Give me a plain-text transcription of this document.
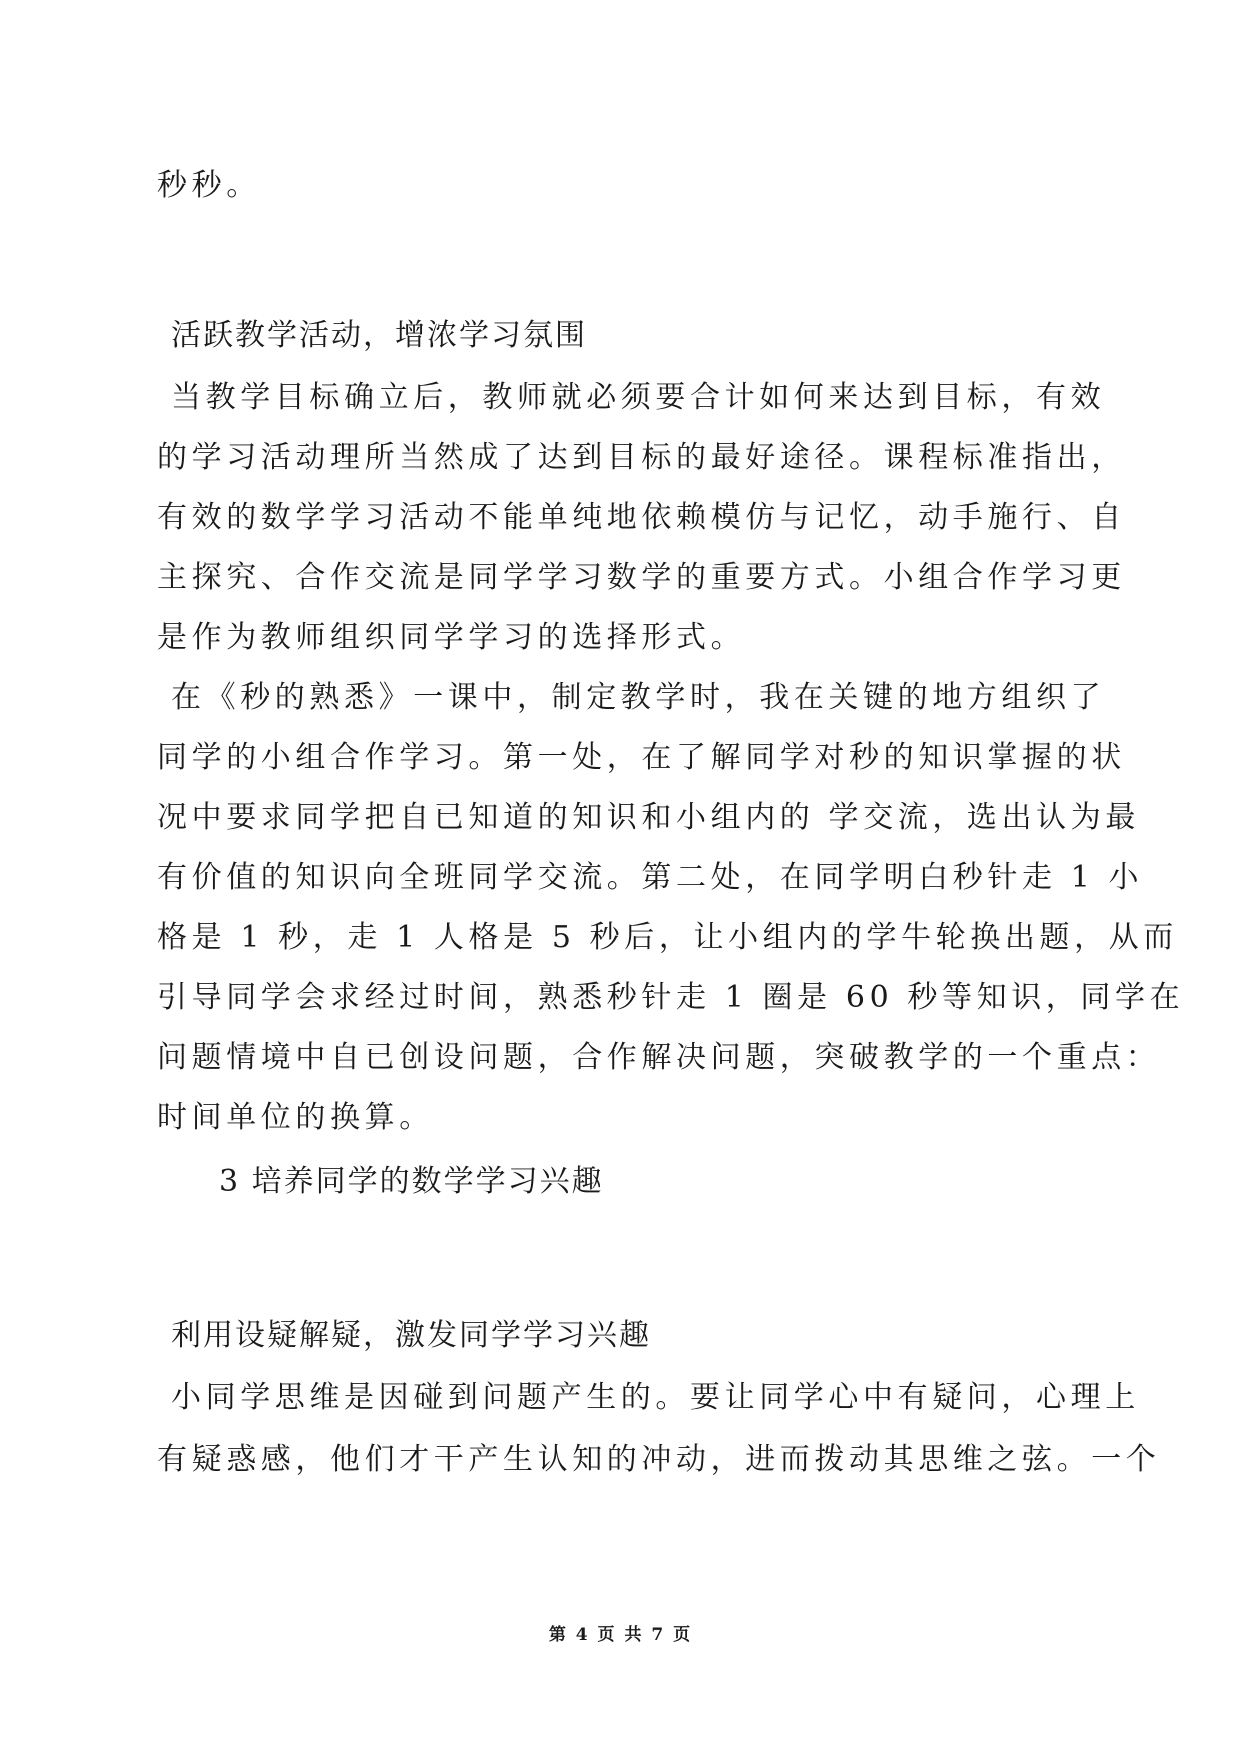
秒秒。
活跃教学活动，增浓学习氛围
当教学目标确立后，教师就必须要合计如何来达到目标，有效
的学习活动理所当然成了达到目标的最好途径。课程标准指出，
有效的数学学习活动不能单纯地依赖模仿与记忆，动手施行、自
主探究、合作交流是同学学习数学的重要方式。小组合作学习更
是作为教师组织同学学习的选择形式。
在《秒的熟悉》一课中，制定教学时，我在关键的地方组织了
同学的小组合作学习。第一处，在了解同学对秒的知识掌握的状
况中要求同学把自已知道的知识和小组内的 学交流，选出认为最
有价值的知识向全班同学交流。第二处，在同学明白秒针走 1 小
格是 1 秒，走 1 人格是 5 秒后，让小组内的学牛轮换出题，从而
引导同学会求经过时间，熟悉秒针走 1 圈是 60 秒等知识，同学在
问题情境中自已创设问题，合作解决问题，突破教学的一个重点：
时间单位的换算。
3 培养同学的数学学习兴趣
利用设疑解疑，激发同学学习兴趣
小同学思维是因碰到问题产生的。要让同学心中有疑问，心理上
有疑惑感，他们才干产生认知的冲动，进而拨动其思维之弦。一个
第 4 页 共 7 页
